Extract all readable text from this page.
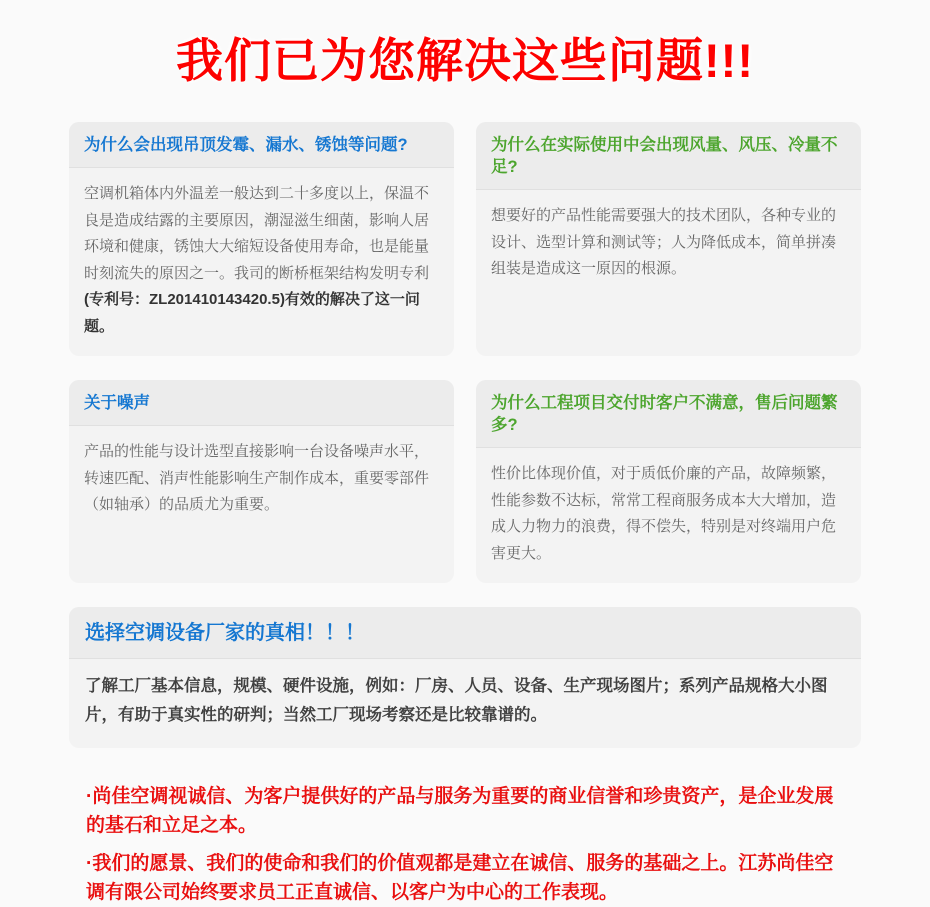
我们已为您解决这些问题!!!
为什么会出现吊顶发霉、漏水、锈蚀等问题?

空调机箱体内外温差一般达到二十多度以上，保温不良是造成结露的主要原因，潮湿滋生细菌，影响人居环境和健康，锈蚀大大缩短设备使用寿命，也是能量时刻流失的原因之一。我司的断桥框架结构发明专利(专利号：ZL201410143420.5)有效的解决了这一问题。

为什么在实际使用中会出现风量、风压、冷量不足?

想要好的产品性能需要强大的技术团队，各种专业的设计、选型计算和测试等；人为降低成本，简单拼凑组装是造成这一原因的根源。

关于噪声

产品的性能与设计选型直接影响一台设备噪声水平，转速匹配、消声性能影响生产制作成本，重要零部件（如轴承）的品质尤为重要。

为什么工程项目交付时客户不满意，售后问题繁多?

性价比体现价值，对于质低价廉的产品，故障频繁，性能参数不达标，常常工程商服务成本大大增加，造成人力物力的浪费，得不偿失，特别是对终端用户危害更大。

选择空调设备厂家的真相！！！

了解工厂基本信息，规模、硬件设施，例如：厂房、人员、设备、生产现场图片；系列产品规格大小图片，有助于真实性的研判；当然工厂现场考察还是比较靠谱的。

·尚佳空调视诚信、为客户提供好的产品与服务为重要的商业信誉和珍贵资产，是企业发展的基石和立足之本。

·我们的愿景、我们的使命和我们的价值观都是建立在诚信、服务的基础之上。江苏尚佳空调有限公司始终要求员工正直诚信、以客户为中心的工作表现。
